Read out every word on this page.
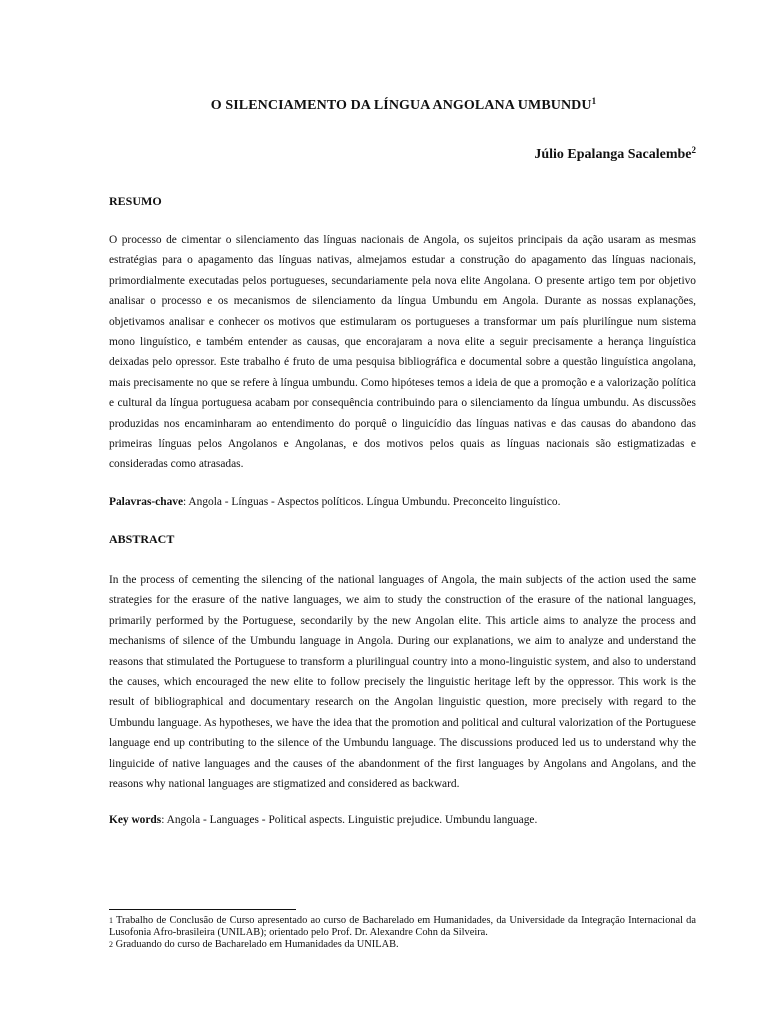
O SILENCIAMENTO DA LÍNGUA ANGOLANA UMBUNDU$^1$
Júlio Epalanga Sacalembe$^2$
RESUMO

O processo de cimentar o silenciamento das línguas nacionais de Angola, os sujeitos principais da ação usaram as mesmas estratégias para o apagamento das línguas nativas, almejamos estudar a construção do apagamento das línguas nacionais, primordialmente executadas pelos portugueses, secundariamente pela nova elite Angolana. O presente artigo tem por objetivo analisar o processo e os mecanismos de silenciamento da língua Umbundu em Angola. Durante as nossas explanações, objetivamos analisar e conhecer os motivos que estimularam os portugueses a transformar um país plurilíngue num sistema mono linguístico, e também entender as causas, que encorajaram a nova elite a seguir precisamente a herança linguística deixadas pelo opressor. Este trabalho é fruto de uma pesquisa bibliográfica e documental sobre a questão linguística angolana, mais precisamente no que se refere à língua umbundu. Como hipóteses temos a ideia de que a promoção e a valorização política e cultural da língua portuguesa acabam por consequência contribuindo para o silenciamento da língua umbundu. As discussões produzidas nos encaminharam ao entendimento do porquê o linguicídio das línguas nativas e das causas do abandono das primeiras línguas pelos Angolanos e Angolanas, e dos motivos pelos quais as línguas nacionais são estigmatizadas e consideradas como atrasadas.

Palavras-chave: Angola - Línguas - Aspectos políticos. Língua Umbundu. Preconceito linguístico.
ABSTRACT

In the process of cementing the silencing of the national languages of Angola, the main subjects of the action used the same strategies for the erasure of the native languages, we aim to study the construction of the erasure of the national languages, primarily performed by the Portuguese, secondarily by the new Angolan elite. This article aims to analyze the process and mechanisms of silence of the Umbundu language in Angola. During our explanations, we aim to analyze and understand the reasons that stimulated the Portuguese to transform a plurilingual country into a mono-linguistic system, and also to understand the causes, which encouraged the new elite to follow precisely the linguistic heritage left by the oppressor. This work is the result of bibliographical and documentary research on the Angolan linguistic question, more precisely with regard to the Umbundu language. As hypotheses, we have the idea that the promotion and political and cultural valorization of the Portuguese language end up contributing to the silence of the Umbundu language. The discussions produced led us to understand why the linguicide of native languages and the causes of the abandonment of the first languages by Angolans and Angolans, and the reasons why national languages are stigmatized and considered as backward.

Key words: Angola - Languages - Political aspects. Linguistic prejudice. Umbundu language.
$^1$ Trabalho de Conclusão de Curso apresentado ao curso de Bacharelado em Humanidades, da Universidade da Integração Internacional da Lusofonia Afro-brasileira (UNILAB); orientado pelo Prof. Dr. Alexandre Cohn da Silveira.
$^2$ Graduando do curso de Bacharelado em Humanidades da UNILAB.
